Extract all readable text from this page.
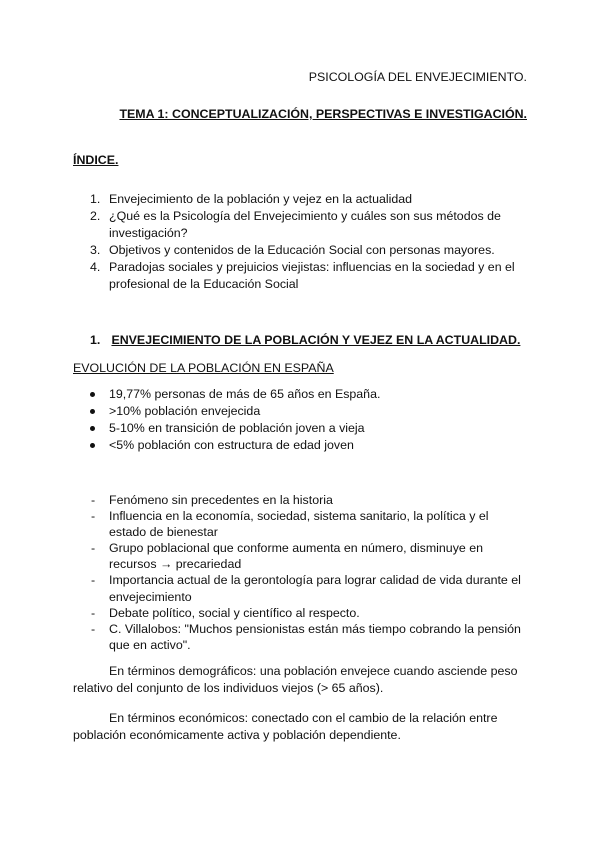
PSICOLOGÍA DEL ENVEJECIMIENTO.
TEMA 1: CONCEPTUALIZACIÓN, PERSPECTIVAS E INVESTIGACIÓN.
ÍNDICE.
1. Envejecimiento de la población y vejez en la actualidad
2. ¿Qué es la Psicología del Envejecimiento y cuáles son sus métodos de investigación?
3. Objetivos y contenidos de la Educación Social con personas mayores.
4. Paradojas sociales y prejuicios viejistas: influencias en la sociedad y en el profesional de la Educación Social
1. ENVEJECIMIENTO DE LA POBLACIÓN Y VEJEZ EN LA ACTUALIDAD.
EVOLUCIÓN DE LA POBLACIÓN EN ESPAÑA
19,77% personas de más de 65 años en España.
>10% población envejecida
5-10% en transición de población joven a vieja
<5% población con estructura de edad joven
- Fenómeno sin precedentes en la historia
- Influencia en la economía, sociedad, sistema sanitario, la política y el estado de bienestar
- Grupo poblacional que conforme aumenta en número, disminuye en recursos → precariedad
- Importancia actual de la gerontología para lograr calidad de vida durante el envejecimiento
- Debate político, social y científico al respecto.
- C. Villalobos: "Muchos pensionistas están más tiempo cobrando la pensión que en activo".
En términos demográficos: una población envejece cuando asciende peso relativo del conjunto de los individuos viejos (> 65 años).
En términos económicos: conectado con el cambio de la relación entre población económicamente activa y población dependiente.
